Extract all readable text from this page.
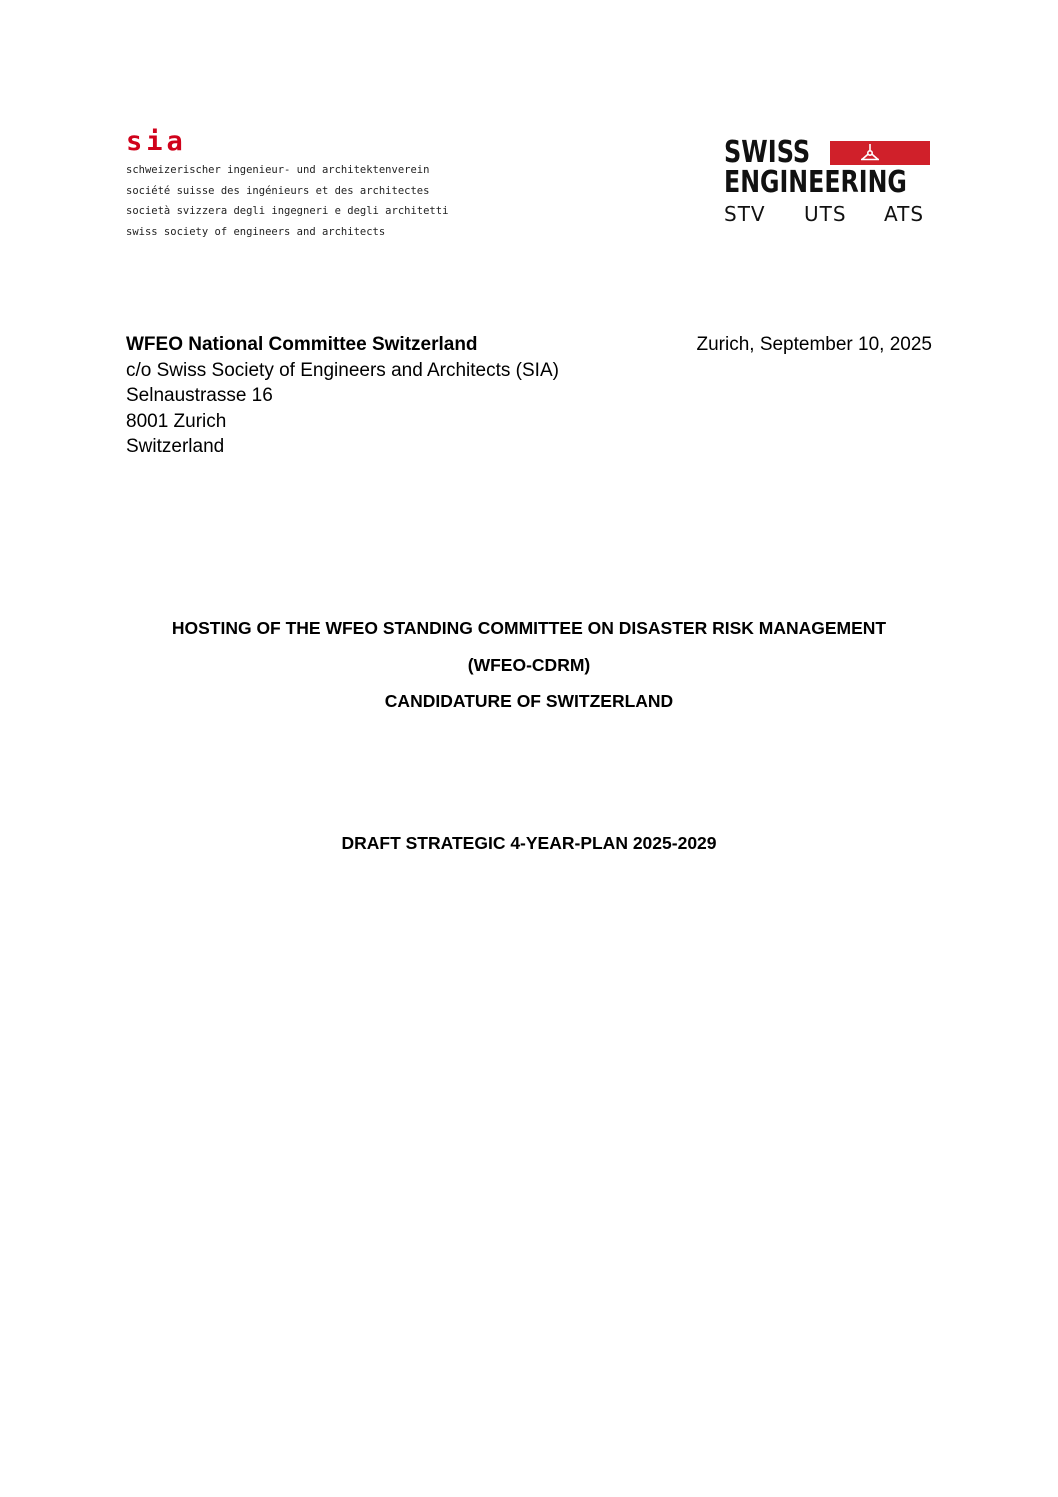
sia
schweizerischer ingenieur- und architektenverein
société suisse des ingénieurs et des architectes
società svizzera degli ingegneri e degli architetti
swiss society of engineers and architects
SWISS
ENGINEERING
STV UTS ATS
WFEO National Committee Switzerland
c/o Swiss Society of Engineers and Architects (SIA)
Selnaustrasse 16
8001 Zurich
Switzerland
Zurich, September 10, 2025
HOSTING OF THE WFEO STANDING COMMITTEE ON DISASTER RISK MANAGEMENT
(WFEO-CDRM)
CANDIDATURE OF SWITZERLAND
DRAFT STRATEGIC 4-YEAR-PLAN 2025-2029
